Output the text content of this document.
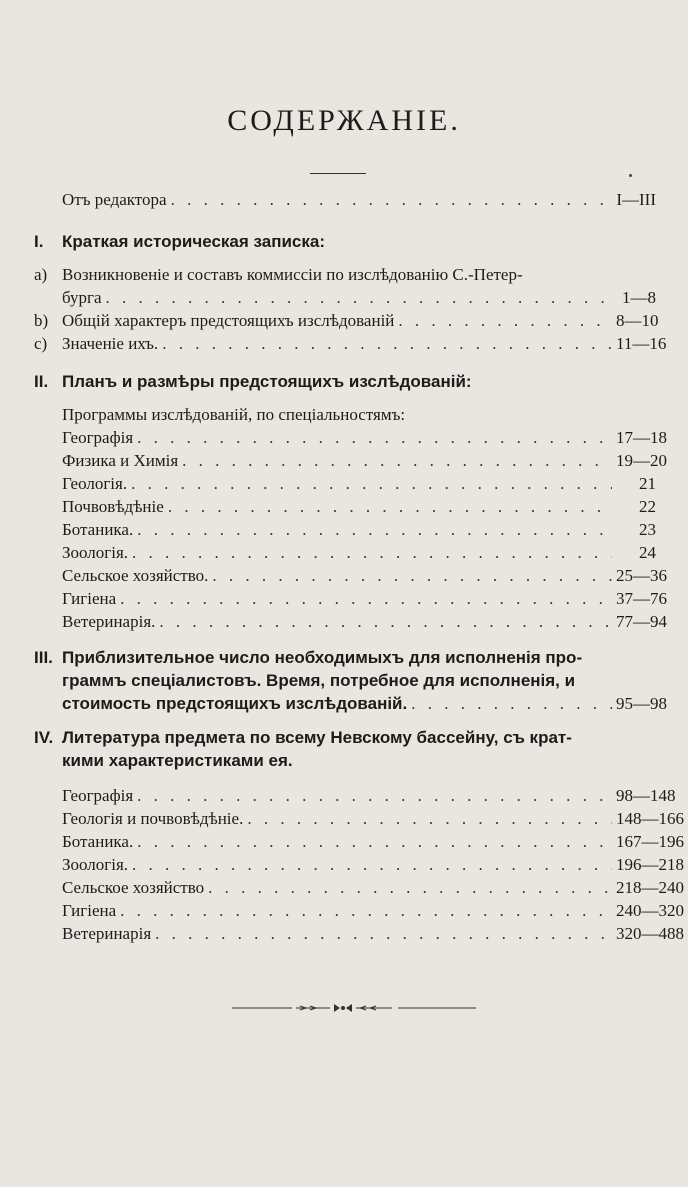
СОДЕРЖАНІЕ.
Отъ редактора . . .	I—III
I. Краткая историческая записка:
a) Возникновеніе и составъ коммиссіи по изслѣдованію С.-Петер-
бурга . . .	1—8
b) Общій характеръ предстоящихъ изслѣдованій . . .	8—10
c) Значеніе ихъ. . . .	11—16
II. Планъ и размѣры предстоящихъ изслѣдованій:
Программы изслѣдованій, по спеціальностямъ:
Географія . . .	17—18
Физика и Химія . . .	19—20
Геологія. . . .	21
Почвовѣдѣніе . . .	22
Ботаника. . . .	23
Зоологія. . . .	24
Сельское хозяйство. . . .	25—36
Гигіена . . .	37—76
Ветеринарія. . . .	77—94
III. Приблизительное число необходимыхъ для исполненія про-
граммъ спеціалистовъ. Время, потребное для исполненія, и
стоимость предстоящихъ изслѣдованій. . . .	95—98
IV. Литература предмета по всему Невскому бассейну, съ крат-
кими характеристиками ея.
Географія . . .	98—148
Геологія и почвовѣдѣніе. . . .	148—166
Ботаника. . . .	167—196
Зоологія. . . .	196—218
Сельское хозяйство . . .	218—240
Гигіена . . .	240—320
Ветеринарія . . .	320—488
